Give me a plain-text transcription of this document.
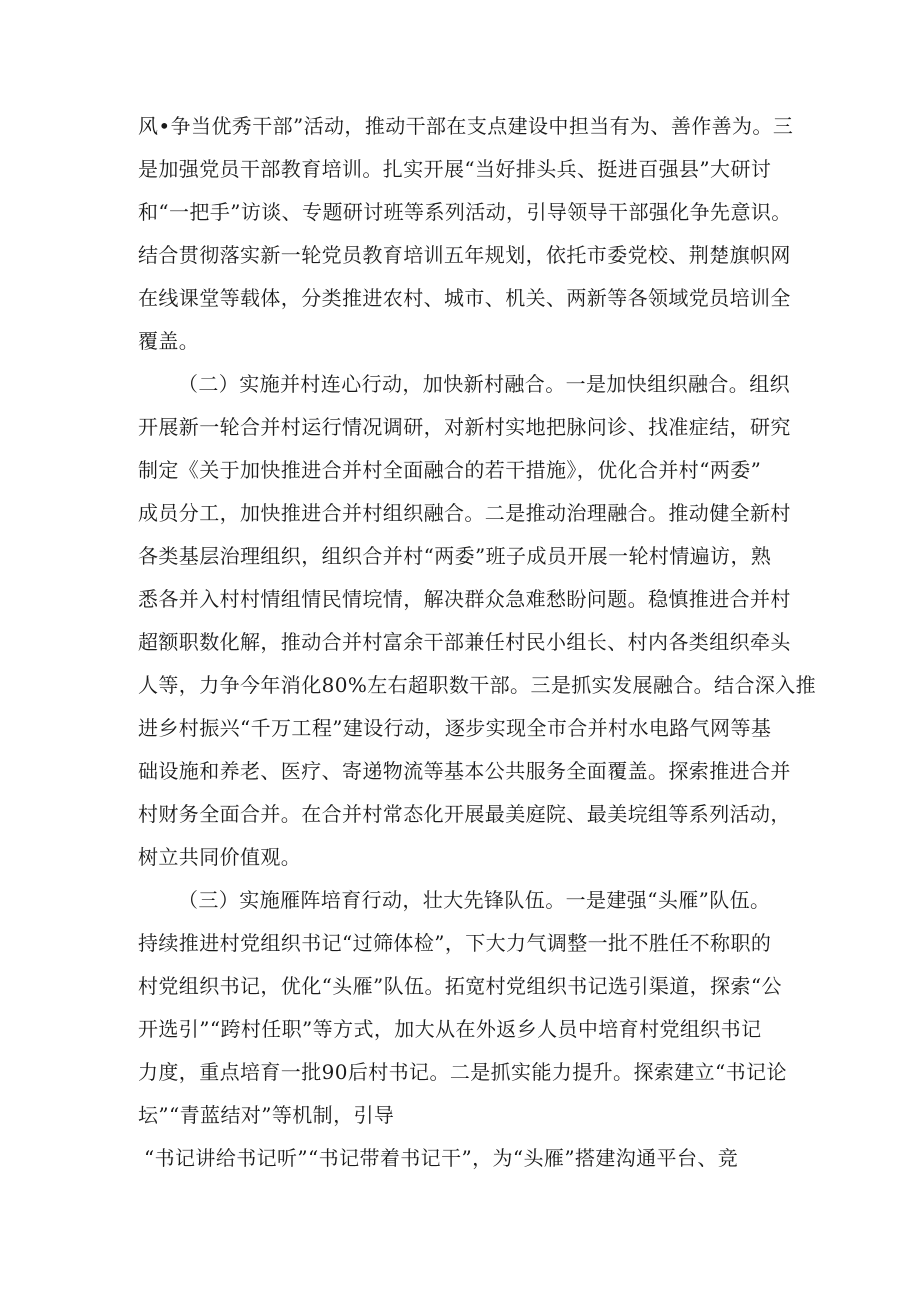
风•争当优秀干部”活动，推动干部在支点建设中担当有为、善作善为。三
是加强党员干部教育培训。扎实开展“当好排头兵、挺进百强县”大研讨
和“一把手”访谈、专题研讨班等系列活动，引导领导干部强化争先意识。
结合贯彻落实新一轮党员教育培训五年规划，依托市委党校、荆楚旗帜网
在线课堂等载体，分类推进农村、城市、机关、两新等各领域党员培训全
覆盖。
（二）实施并村连心行动，加快新村融合。一是加快组织融合。组织
开展新一轮合并村运行情况调研，对新村实地把脉问诊、找准症结，研究
制定《关于加快推进合并村全面融合的若干措施》，优化合并村“两委”
成员分工，加快推进合并村组织融合。二是推动治理融合。推动健全新村
各类基层治理组织，组织合并村“两委”班子成员开展一轮村情遍访，熟
悉各并入村村情组情民情垸情，解决群众急难愁盼问题。稳慎推进合并村
超额职数化解，推动合并村富余干部兼任村民小组长、村内各类组织牵头
人等，力争今年消化80%左右超职数干部。三是抓实发展融合。结合深入推
进乡村振兴“千万工程”建设行动，逐步实现全市合并村水电路气网等基
础设施和养老、医疗、寄递物流等基本公共服务全面覆盖。探索推进合并
村财务全面合并。在合并村常态化开展最美庭院、最美垸组等系列活动，
树立共同价值观。
（三）实施雁阵培育行动，壮大先锋队伍。一是建强“头雁”队伍。
持续推进村党组织书记“过筛体检”，下大力气调整一批不胜任不称职的
村党组织书记，优化“头雁”队伍。拓宽村党组织书记选引渠道，探索“公
开选引”“跨村任职”等方式，加大从在外返乡人员中培育村党组织书记
力度，重点培育一批90后村书记。二是抓实能力提升。探索建立“书记论
坛”“青蓝结对”等机制，引导
“书记讲给书记听”“书记带着书记干”，为“头雁”搭建沟通平台、竞
